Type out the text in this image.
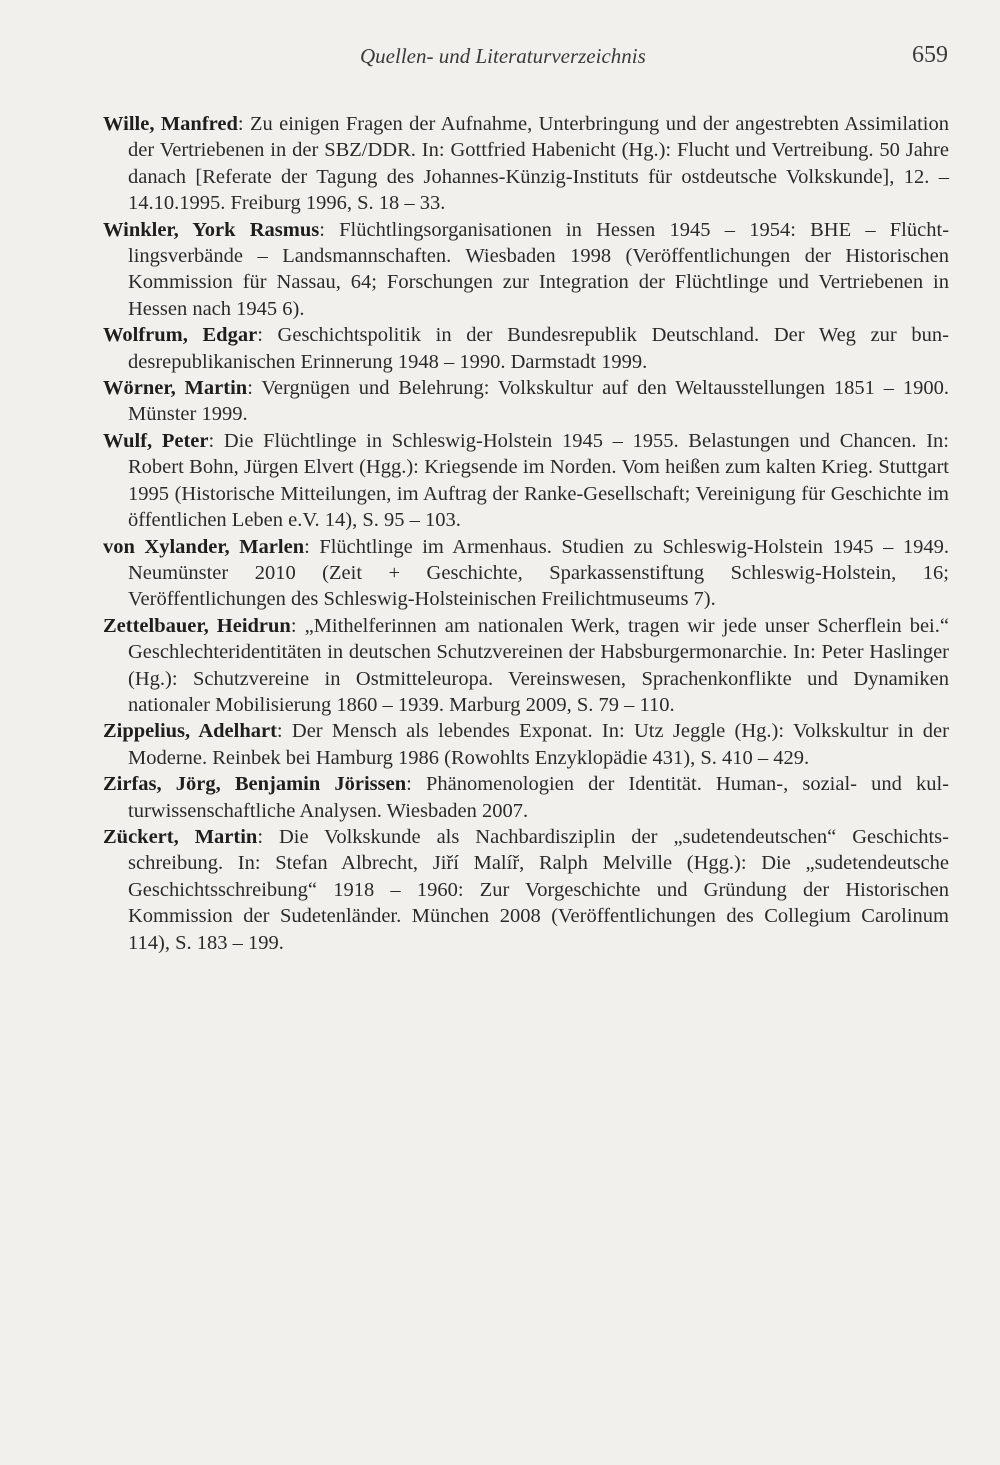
Quellen- und Literaturverzeichnis	659

Wille, Manfred: Zu einigen Fragen der Aufnahme, Unterbringung und der angestrebten Assimilation der Vertriebenen in der SBZ/DDR. In: Gottfried Habenicht (Hg.): Flucht und Vertreibung. 50 Jahre danach [Referate der Tagung des Johannes-Künzig-Instituts für ostdeutsche Volkskunde], 12. – 14.10.1995. Freiburg 1996, S. 18 – 33.

Winkler, York Rasmus: Flüchtlingsorganisationen in Hessen 1945 – 1954: BHE – Flüchtlingsverbände – Landsmannschaften. Wiesbaden 1998 (Veröffentlichungen der Historischen Kommission für Nassau, 64; Forschungen zur Integration der Flüchtlinge und Vertriebenen in Hessen nach 1945 6).

Wolfrum, Edgar: Geschichtspolitik in der Bundesrepublik Deutschland. Der Weg zur bundesrepublikanischen Erinnerung 1948 – 1990. Darmstadt 1999.

Wörner, Martin: Vergnügen und Belehrung: Volkskultur auf den Weltausstellungen 1851 – 1900. Münster 1999.

Wulf, Peter: Die Flüchtlinge in Schleswig-Holstein 1945 – 1955. Belastungen und Chancen. In: Robert Bohn, Jürgen Elvert (Hgg.): Kriegsende im Norden. Vom heißen zum kalten Krieg. Stuttgart 1995 (Historische Mitteilungen, im Auftrag der Ranke-Gesellschaft; Vereinigung für Geschichte im öffentlichen Leben e.V. 14), S. 95 – 103.

von Xylander, Marlen: Flüchtlinge im Armenhaus. Studien zu Schleswig-Holstein 1945 – 1949. Neumünster 2010 (Zeit + Geschichte, Sparkassenstiftung Schleswig-Holstein, 16; Veröffentlichungen des Schleswig-Holsteinischen Freilichtmuseums 7).

Zettelbauer, Heidrun: „Mithelferinnen am nationalen Werk, tragen wir jede unser Scherflein bei.“ Geschlechteridentitäten in deutschen Schutzvereinen der Habsburgermonarchie. In: Peter Haslinger (Hg.): Schutzvereine in Ostmitteleuropa. Vereinswesen, Sprachenkonflikte und Dynamiken nationaler Mobilisierung 1860 – 1939. Marburg 2009, S. 79 – 110.

Zippelius, Adelhart: Der Mensch als lebendes Exponat. In: Utz Jeggle (Hg.): Volkskultur in der Moderne. Reinbek bei Hamburg 1986 (Rowohlts Enzyklopädie 431), S. 410 – 429.

Zirfas, Jörg, Benjamin Jörissen: Phänomenologien der Identität. Human-, sozial- und kulturwissenschaftliche Analysen. Wiesbaden 2007.

Zückert, Martin: Die Volkskunde als Nachbardisziplin der „sudetendeutschen“ Geschichtsschreibung. In: Stefan Albrecht, Jiří Malíř, Ralph Melville (Hgg.): Die „sudetendeutsche Geschichtsschreibung“ 1918 – 1960: Zur Vorgeschichte und Gründung der Historischen Kommission der Sudetenländer. München 2008 (Veröffentlichungen des Collegium Carolinum 114), S. 183 – 199.
